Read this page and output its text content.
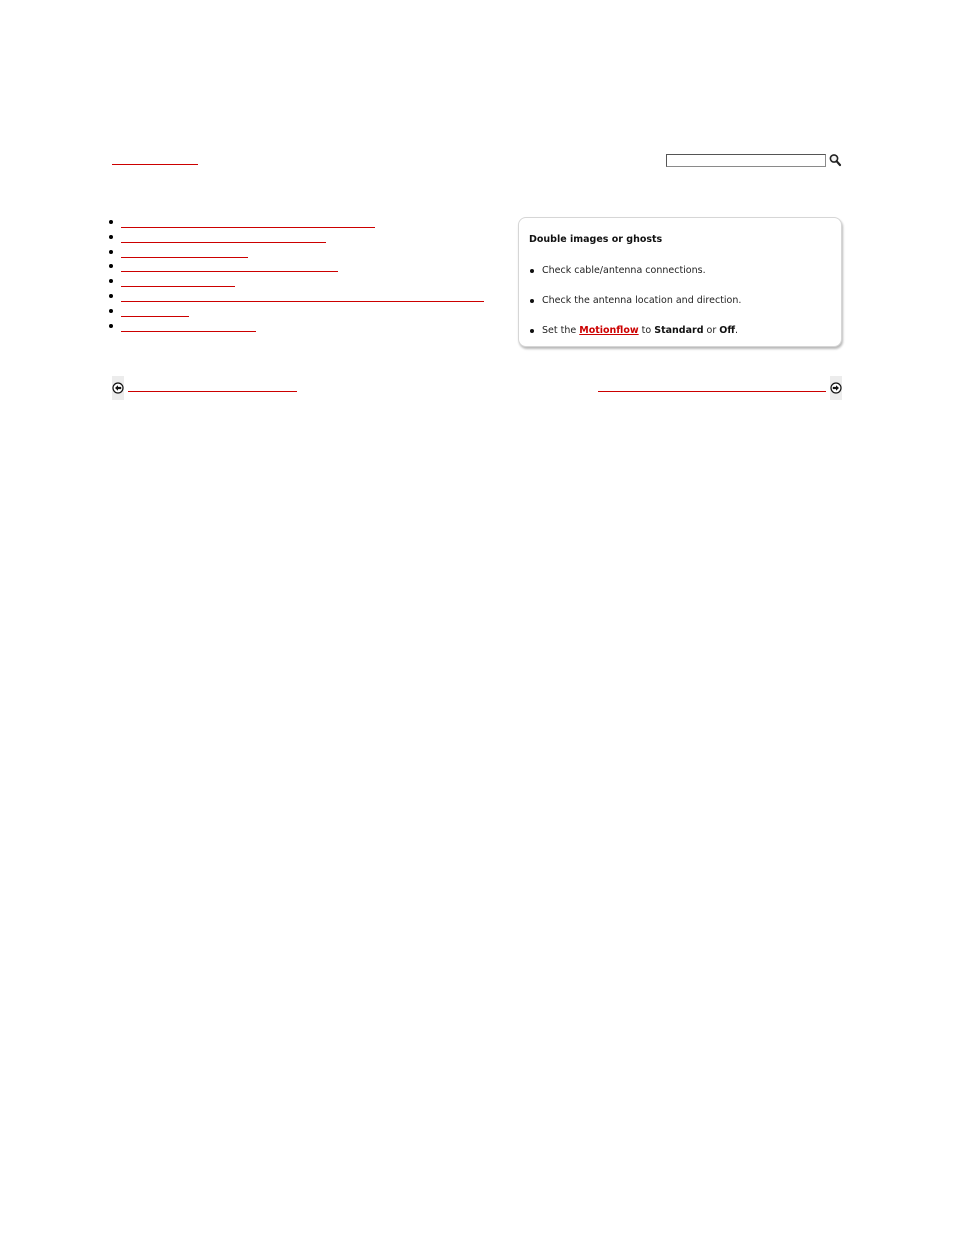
Double images or ghosts
Check cable/antenna connections.
Check the antenna location and direction.
Set the Motionflow to Standard or Off.
